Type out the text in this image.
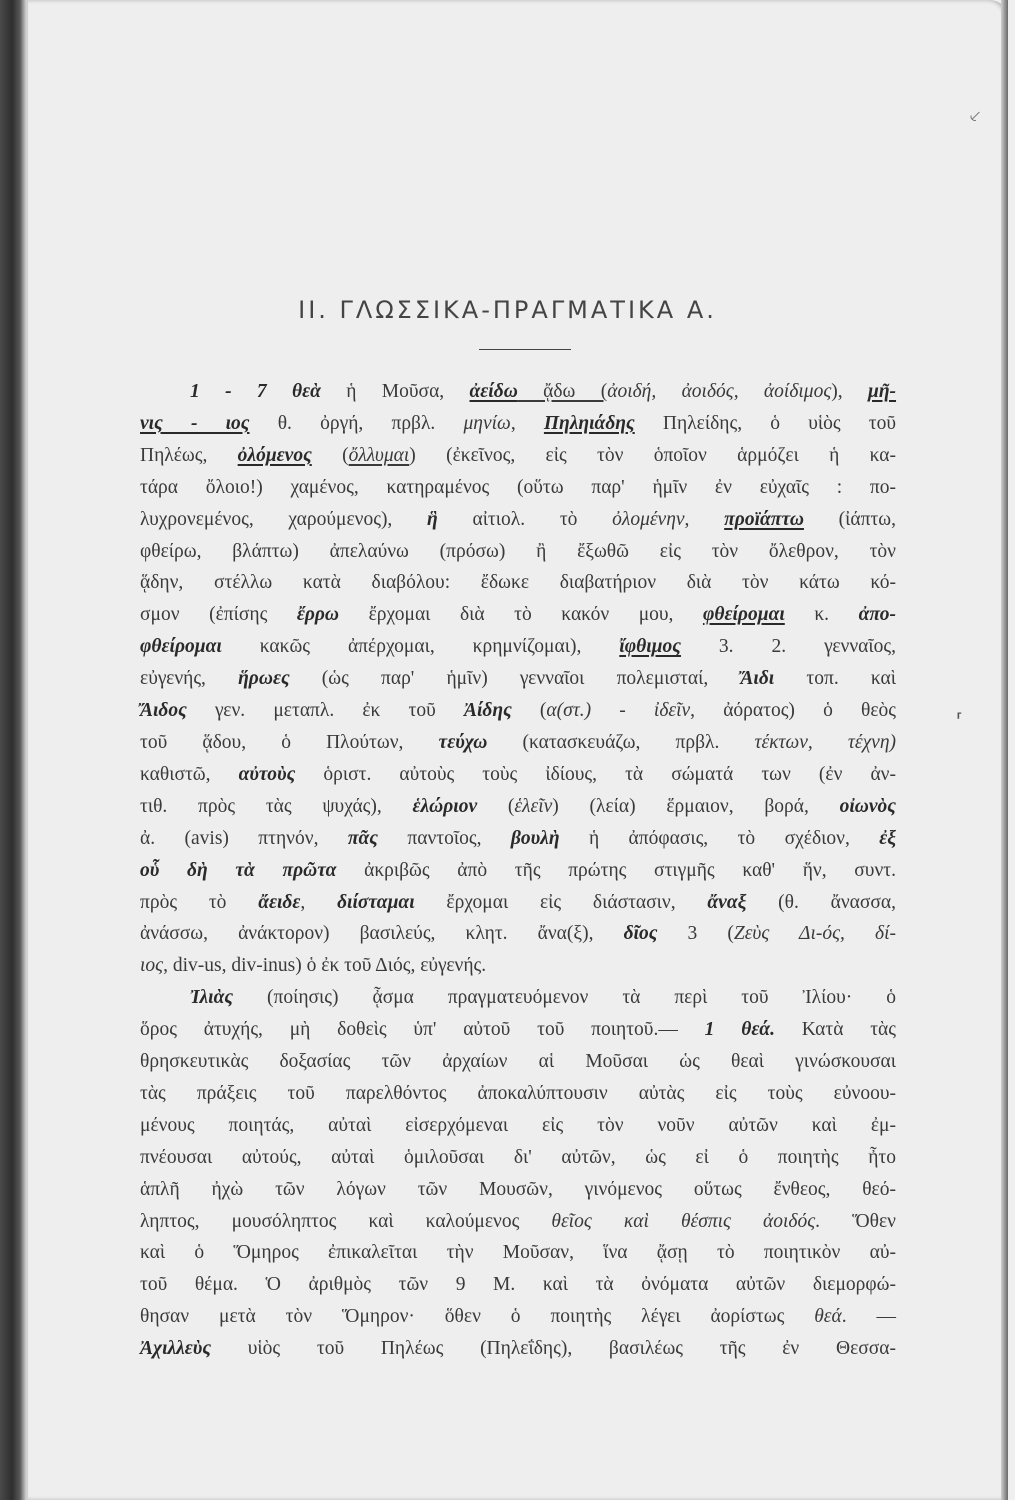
⸔
⸢
II. ΓΛΩΣΣΙΚΑ-ΠΡΑΓΜΑΤΙΚΑ Α.
1 - 7 θεὰ ἡ Μοῦσα, ἀείδω ᾄδω (ἀοιδή, ἀοιδός, ἀοίδιμος), μῆ-
νις - ιος θ. ὀργή, πρβλ. μηνίω, Πηληιάδης Πηλείδης, ὁ υἱὸς τοῦ
Πηλέως, ὀλόμενος (ὄλλυμαι) (ἐκεῖνος, εἰς τὸν ὁποῖον ἁρμόζει ἡ κα-
τάρα ὄλοιο!) χαμένος, κατηραμένος (οὕτω παρ' ἡμῖν ἐν εὐχαῖς : πο-
λυχρονεμένος, χαρούμενος), ἣ αἰτιολ. τὸ ὀλομένην, προϊάπτω (ἰάπτω,
φθείρω, βλάπτω) ἀπελαύνω (πρόσω) ἢ ἔξωθῶ εἰς τὸν ὄλεθρον, τὸν
ᾅδην, στέλλω κατὰ διαβόλου: ἔδωκε διαβατήριον διὰ τὸν κάτω κό-
σμον (ἐπίσης ἔρρω ἔρχομαι διὰ τὸ κακόν μου, φθείρομαι κ. ἀπο-
φθείρομαι κακῶς ἀπέρχομαι, κρημνίζομαι), ἴφθιμος 3. 2. γενναῖος,
εὐγενής, ἥρωες (ὡς παρ' ἡμῖν) γενναῖοι πολεμισταί, Ἄιδι τοπ. καὶ
Ἄιδος γεν. μεταπλ. ἐκ τοῦ Ἀίδης (α(στ.) - ἰδεῖν, ἀόρατος) ὁ θεὸς
τοῦ ᾅδου, ὁ Πλούτων, τεύχω (κατασκευάζω, πρβλ. τέκτων, τέχνη)
καθιστῶ, αὐτοὺς ὁριστ. αὐτοὺς τοὺς ἰδίους, τὰ σώματά των (ἐν ἀν-
τιθ. πρὸς τὰς ψυχάς), ἑλώριον (ἑλεῖν) (λεία) ἕρμαιον, βορά, οἰωνὸς
ἀ. (avis) πτηνόν, πᾶς παντοῖος, βουλὴ ἡ ἀπόφασις, τὸ σχέδιον, ἐξ
οὗ δὴ τὰ πρῶτα ἀκριβῶς ἀπὸ τῆς πρώτης στιγμῆς καθ' ἥν, συντ.
πρὸς τὸ ἄειδε, διίσταμαι ἔρχομαι εἰς διάστασιν, ἄναξ (θ. ἄνασσα,
ἀνάσσω, ἀνάκτορον) βασιλεύς, κλητ. ἄνα(ξ), δῖος 3 (Ζεὺς Δι-ός, δί-
ιος, div-us, div-inus) ὁ ἐκ τοῦ Διός, εὐγενής.
Ἰλιὰς (ποίησις) ᾆσμα πραγματευόμενον τὰ περὶ τοῦ Ἰλίου· ὁ
ὅρος ἀτυχής, μὴ δοθεὶς ὑπ' αὐτοῦ τοῦ ποιητοῦ.— 1 θεά. Κατὰ τὰς
θρησκευτικὰς δοξασίας τῶν ἀρχαίων αἱ Μοῦσαι ὡς θεαὶ γινώσκουσαι
τὰς πράξεις τοῦ παρελθόντος ἀποκαλύπτουσιν αὐτὰς εἰς τοὺς εὐνοου-
μένους ποιητάς, αὐταὶ εἰσερχόμεναι εἰς τὸν νοῦν αὐτῶν καὶ ἐμ-
πνέουσαι αὐτούς, αὐταὶ ὁμιλοῦσαι δι' αὐτῶν, ὡς εἰ ὁ ποιητὴς ἦτο
ἁπλῆ ἠχὼ τῶν λόγων τῶν Μουσῶν, γινόμενος οὕτως ἔνθεος, θεό-
ληπτος, μουσόληπτος καὶ καλούμενος θεῖος καὶ θέσπις ἀοιδός. Ὅθεν
καὶ ὁ Ὅμηρος ἐπικαλεῖται τὴν Μοῦσαν, ἵνα ᾄσῃ τὸ ποιητικὸν αὐ-
τοῦ θέμα. Ὁ ἀριθμὸς τῶν 9 Μ. καὶ τὰ ὀνόματα αὐτῶν διεμορφώ-
θησαν μετὰ τὸν Ὅμηρον· ὅθεν ὁ ποιητὴς λέγει ἀορίστως θεά. —
Ἀχιλλεὺς υἱὸς τοῦ Πηλέως (Πηλεΐδης), βασιλέως τῆς ἐν Θεσσα-
